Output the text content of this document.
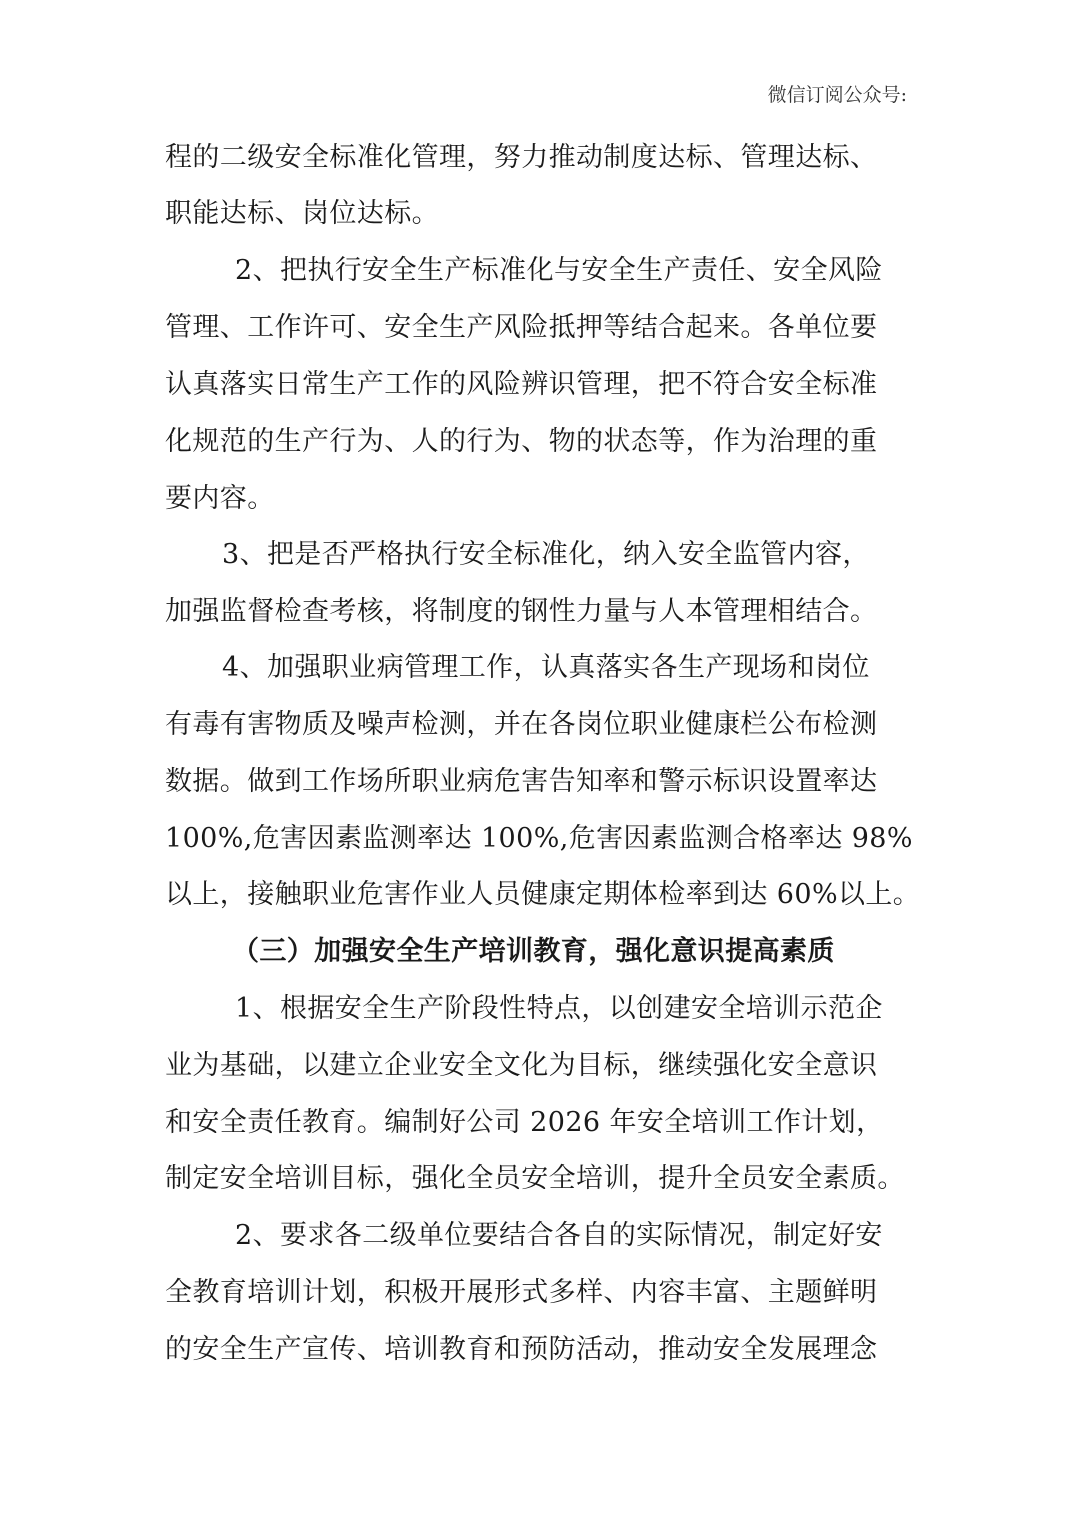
微信订阅公众号:
程的二级安全标准化管理，努力推动制度达标、管理达标、
职能达标、岗位达标。
2、把执行安全生产标准化与安全生产责任、安全风险
管理、工作许可、安全生产风险抵押等结合起来。各单位要
认真落实日常生产工作的风险辨识管理，把不符合安全标准
化规范的生产行为、人的行为、物的状态等，作为治理的重
要内容。
3、把是否严格执行安全标准化，纳入安全监管内容，
加强监督检查考核，将制度的钢性力量与人本管理相结合。
4、加强职业病管理工作，认真落实各生产现场和岗位
有毒有害物质及噪声检测，并在各岗位职业健康栏公布检测
数据。做到工作场所职业病危害告知率和警示标识设置率达
100%,危害因素监测率达 100%,危害因素监测合格率达 98%
以上，接触职业危害作业人员健康定期体检率到达 60%以上。
（三）加强安全生产培训教育，强化意识提高素质
1、根据安全生产阶段性特点，以创建安全培训示范企
业为基础，以建立企业安全文化为目标，继续强化安全意识
和安全责任教育。编制好公司 2026 年安全培训工作计划，
制定安全培训目标，强化全员安全培训，提升全员安全素质。
2、要求各二级单位要结合各自的实际情况，制定好安
全教育培训计划，积极开展形式多样、内容丰富、主题鲜明
的安全生产宣传、培训教育和预防活动，推动安全发展理念
